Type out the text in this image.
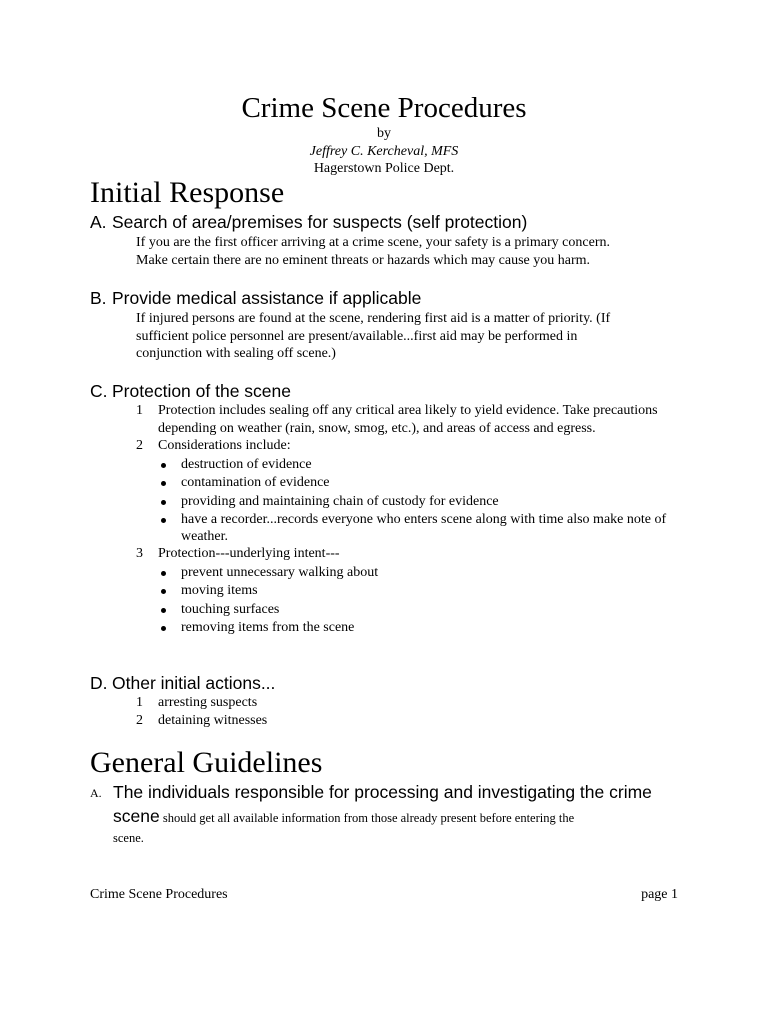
Crime Scene Procedures
by
Jeffrey C. Kercheval, MFS
Hagerstown Police Dept.
Initial Response
A. Search of area/premises for suspects (self protection)
If you are the first officer arriving at a crime scene, your safety is a primary concern.
Make certain there are no eminent threats or hazards which may cause you harm.
B. Provide medical assistance if applicable
If injured persons are found at the scene, rendering first aid is a matter of priority. (If
sufficient police personnel are present/available...first aid may be performed in
conjunction with sealing off scene.)
C. Protection of the scene
1 Protection includes sealing off any critical area likely to yield evidence. Take precautions depending on weather (rain, snow, smog, etc.), and areas of access and egress.
2 Considerations include:
destruction of evidence
contamination of evidence
providing and maintaining chain of custody for evidence
have a recorder...records everyone who enters scene along with time also make note of weather.
3 Protection---underlying intent---
prevent unnecessary walking about
moving items
touching surfaces
removing items from the scene
D. Other initial actions...
1 arresting suspects
2 detaining witnesses
General Guidelines
A. The individuals responsible for processing and investigating the crime
scene should get all available information from those already present before entering the
scene.
Crime Scene Procedures	page 1
